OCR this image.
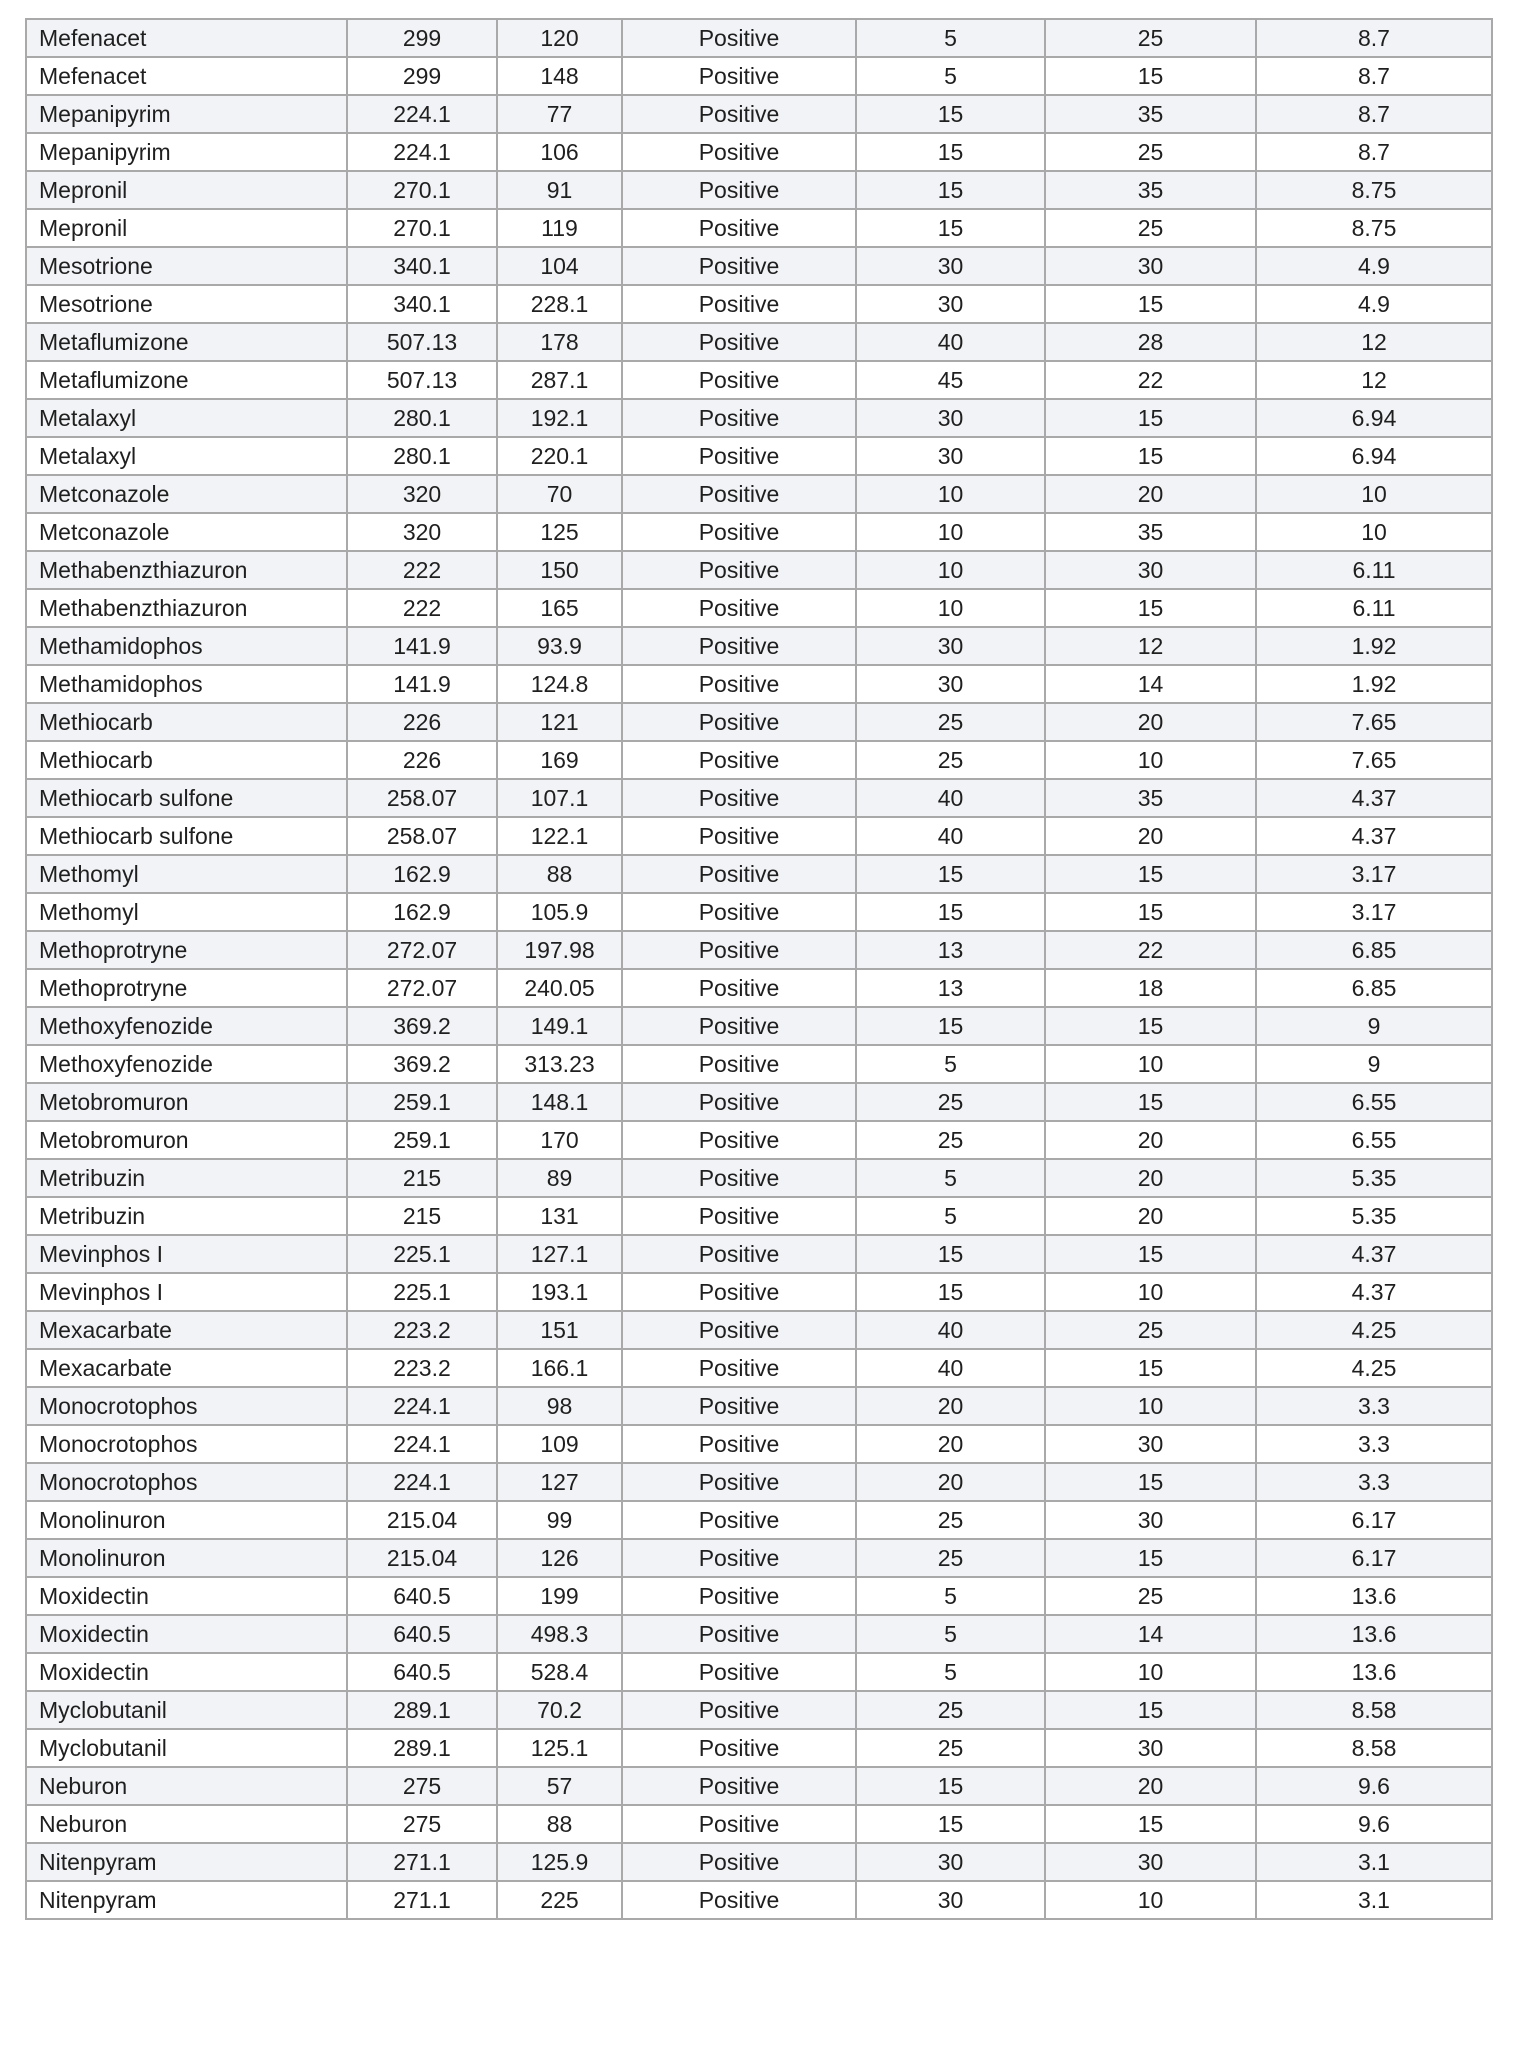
Mefenacet	299	120	Positive	5	25	8.7
Mefenacet	299	148	Positive	5	15	8.7
Mepanipyrim	224.1	77	Positive	15	35	8.7
Mepanipyrim	224.1	106	Positive	15	25	8.7
Mepronil	270.1	91	Positive	15	35	8.75
Mepronil	270.1	119	Positive	15	25	8.75
Mesotrione	340.1	104	Positive	30	30	4.9
Mesotrione	340.1	228.1	Positive	30	15	4.9
Metaflumizone	507.13	178	Positive	40	28	12
Metaflumizone	507.13	287.1	Positive	45	22	12
Metalaxyl	280.1	192.1	Positive	30	15	6.94
Metalaxyl	280.1	220.1	Positive	30	15	6.94
Metconazole	320	70	Positive	10	20	10
Metconazole	320	125	Positive	10	35	10
Methabenzthiazuron	222	150	Positive	10	30	6.11
Methabenzthiazuron	222	165	Positive	10	15	6.11
Methamidophos	141.9	93.9	Positive	30	12	1.92
Methamidophos	141.9	124.8	Positive	30	14	1.92
Methiocarb	226	121	Positive	25	20	7.65
Methiocarb	226	169	Positive	25	10	7.65
Methiocarb sulfone	258.07	107.1	Positive	40	35	4.37
Methiocarb sulfone	258.07	122.1	Positive	40	20	4.37
Methomyl	162.9	88	Positive	15	15	3.17
Methomyl	162.9	105.9	Positive	15	15	3.17
Methoprotryne	272.07	197.98	Positive	13	22	6.85
Methoprotryne	272.07	240.05	Positive	13	18	6.85
Methoxyfenozide	369.2	149.1	Positive	15	15	9
Methoxyfenozide	369.2	313.23	Positive	5	10	9
Metobromuron	259.1	148.1	Positive	25	15	6.55
Metobromuron	259.1	170	Positive	25	20	6.55
Metribuzin	215	89	Positive	5	20	5.35
Metribuzin	215	131	Positive	5	20	5.35
Mevinphos I	225.1	127.1	Positive	15	15	4.37
Mevinphos I	225.1	193.1	Positive	15	10	4.37
Mexacarbate	223.2	151	Positive	40	25	4.25
Mexacarbate	223.2	166.1	Positive	40	15	4.25
Monocrotophos	224.1	98	Positive	20	10	3.3
Monocrotophos	224.1	109	Positive	20	30	3.3
Monocrotophos	224.1	127	Positive	20	15	3.3
Monolinuron	215.04	99	Positive	25	30	6.17
Monolinuron	215.04	126	Positive	25	15	6.17
Moxidectin	640.5	199	Positive	5	25	13.6
Moxidectin	640.5	498.3	Positive	5	14	13.6
Moxidectin	640.5	528.4	Positive	5	10	13.6
Myclobutanil	289.1	70.2	Positive	25	15	8.58
Myclobutanil	289.1	125.1	Positive	25	30	8.58
Neburon	275	57	Positive	15	20	9.6
Neburon	275	88	Positive	15	15	9.6
Nitenpyram	271.1	125.9	Positive	30	30	3.1
Nitenpyram	271.1	225	Positive	30	10	3.1
